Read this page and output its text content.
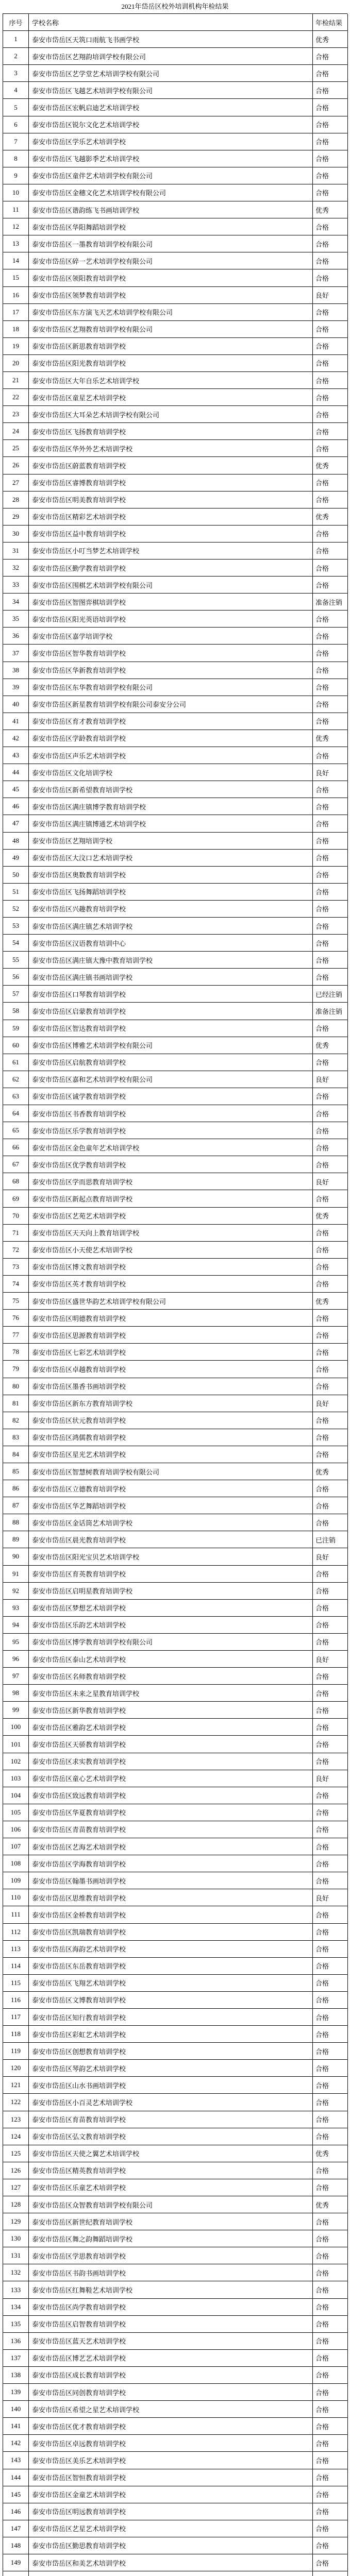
2021年岱岳区校外培训机构年检结果
序号	学校名称	年检结果
1	泰安市岱岳区天筑口雨航飞书画学校	优秀
2	泰安市岱岳区艺翔韵培训学校有限公司	合格
3	泰安市岱岳区艺学堂艺术培训学校有限公司	合格
4	泰安市岱岳区飞越艺术培训学校有限公司	合格
5	泰安市岱岳区宏帆启迪艺术培训学校	合格
6	泰安市岱岳区锐尔文化艺术培训学校	合格
7	泰安市岱岳区学乐艺术培训学校	合格
8	泰安市岱岳区飞越影季艺术培训学校	合格
9	泰安市岱岳区童伴艺术培训学校有限公司	合格
10	泰安市岱岳区金穗文化艺术培训学校有限公司	合格
11	泰安市岱岳区谐韵练飞书画培训学校	优秀
12	泰安市岱岳区华阳舞蹈培训学校	合格
13	泰安市岱岳区一墨教育培训学校有限公司	合格
14	泰安市岱岳区碎一艺术培训学校有限公司	合格
15	泰安市岱岳区领阳教育培训学校	合格
16	泰安市岱岳区领梦教育培训学校	良好
17	泰安市岱岳区东方演飞天艺术培训学校有限公司	合格
18	泰安市岱岳区艺翔教育培训学校有限公司	合格
19	泰安市岱岳区新思教育培训学校	合格
20	泰安市岱岳区阳光教育培训学校	合格
21	泰安市岱岳区大年自乐艺术培训学校	合格
22	泰安市岱岳区童星艺术培训学校	合格
23	泰安市岱岳区大耳朵艺术培训学校有限公司	合格
24	泰安市岱岳区飞扬教育培训学校	合格
25	泰安市岱岳区华外外艺术培训学校	合格
26	泰安市岱岳区蔚蓝教育培训学校	优秀
27	泰安市岱岳区睿博教育培训学校	合格
28	泰安市岱岳区明美教育培训学校	合格
29	泰安市岱岳区精彩艺术培训学校	优秀
30	泰安市岱岳区益中教育培训学校	合格
31	泰安市岱岳区小叮当梦艺术培训学校	合格
32	泰安市岱岳区勤学教育培训学校	合格
33	泰安市岱岳区围棋艺术培训学校有限公司	合格
34	泰安市岱岳区智图弈棋培训学校	准备注销
35	泰安市岱岳区阳光英语培训学校	合格
36	泰安市岱岳区嘉学培训学校	合格
37	泰安市岱岳区智华教育培训学校	合格
38	泰安市岱岳区华新教育培训学校	合格
39	泰安市岱岳区东华教育培训学校有限公司	合格
40	泰安市岱岳区新星教育培训学校有限公司泰安分公司	合格
41	泰安市岱岳区育才教育培训学校	合格
42	泰安市岱岳区学龄教育培训学校	优秀
43	泰安市岱岳区声乐艺术培训学校	合格
44	泰安市岱岳区文化培训学校	良好
45	泰安市岱岳区新希望教育培训学校	合格
46	泰安市岱岳区满庄镇博学教育培训学校	合格
47	泰安市岱岳区满庄镇博通艺术培训学校	合格
48	泰安市岱岳区艺翔培训学校	合格
49	泰安市岱岳区大汶口艺术培训学校	合格
50	泰安市岱岳区奥数教育培训学校	合格
51	泰安市岱岳区飞扬舞蹈培训学校	合格
52	泰安市岱岳区兴趣教育培训学校	合格
53	泰安市岱岳区满庄镇艺术培训学校	合格
54	泰安市岱岳区汉语教育培训中心	合格
55	泰安市岱岳区满庄镇大豫中教育培训学校	合格
56	泰安市岱岳区满庄镇书画培训学校	合格
57	泰安市岱岳区口琴教育培训学校	已经注销
58	泰安市岱岳区启蒙教育培训学校	准备注销
59	泰安市岱岳区智达教育培训学校	合格
60	泰安市岱岳区博雅艺术培训学校有限公司	优秀
61	泰安市岱岳区启航教育培训学校	合格
62	泰安市岱岳区嘉和艺术培训学校有限公司	良好
63	泰安市岱岳区诚学教育培训学校	合格
64	泰安市岱岳区书香教育培训学校	合格
65	泰安市岱岳区乐学教育培训学校	合格
66	泰安市岱岳区金色童年艺术培训学校	合格
67	泰安市岱岳区优学教育培训学校	合格
68	泰安市岱岳区学而思教育培训学校	良好
69	泰安市岱岳区新起点教育培训学校	合格
70	泰安市岱岳区艺苑艺术培训学校	优秀
71	泰安市岱岳区天天向上教育培训学校	合格
72	泰安市岱岳区小天使艺术培训学校	合格
73	泰安市岱岳区博文教育培训学校	合格
74	泰安市岱岳区英才教育培训学校	合格
75	泰安市岱岳区盛世华韵艺术培训学校有限公司	优秀
76	泰安市岱岳区明德教育培训学校	合格
77	泰安市岱岳区思源教育培训学校	合格
78	泰安市岱岳区七彩艺术培训学校	合格
79	泰安市岱岳区卓越教育培训学校	合格
80	泰安市岱岳区墨香书画培训学校	合格
81	泰安市岱岳区新东方教育培训学校	良好
82	泰安市岱岳区状元教育培训学校	合格
83	泰安市岱岳区鸿儒教育培训学校	合格
84	泰安市岱岳区星光艺术培训学校	合格
85	泰安市岱岳区智慧树教育培训学校有限公司	优秀
86	泰安市岱岳区立德教育培训学校	合格
87	泰安市岱岳区华艺舞蹈培训学校	合格
88	泰安市岱岳区金话筒艺术培训学校	合格
89	泰安市岱岳区晨光教育培训学校	已注销
90	泰安市岱岳区阳光宝贝艺术培训学校	良好
91	泰安市岱岳区育英教育培训学校	合格
92	泰安市岱岳区启明星教育培训学校	合格
93	泰安市岱岳区梦想艺术培训学校	合格
94	泰安市岱岳区乐韵艺术培训学校	合格
95	泰安市岱岳区博学教育培训学校有限公司	合格
96	泰安市岱岳区泰山艺术培训学校	良好
97	泰安市岱岳区名师教育培训学校	合格
98	泰安市岱岳区未来之星教育培训学校	合格
99	泰安市岱岳区新华教育培训学校	合格
100	泰安市岱岳区雅韵艺术培训学校	合格
101	泰安市岱岳区天骄教育培训学校	合格
102	泰安市岱岳区求实教育培训学校	合格
103	泰安市岱岳区童心艺术培训学校	良好
104	泰安市岱岳区致远教育培训学校	合格
105	泰安市岱岳区华夏教育培训学校	合格
106	泰安市岱岳区青苗教育培训学校	合格
107	泰安市岱岳区艺海艺术培训学校	合格
108	泰安市岱岳区学海教育培训学校	合格
109	泰安市岱岳区翰墨书画培训学校	合格
110	泰安市岱岳区思维教育培训学校	良好
111	泰安市岱岳区金桥教育培训学校	合格
112	泰安市岱岳区凯瑞教育培训学校	合格
113	泰安市岱岳区海韵艺术培训学校	合格
114	泰安市岱岳区东岳教育培训学校	合格
115	泰安市岱岳区飞翔艺术培训学校	合格
116	泰安市岱岳区文博教育培训学校	合格
117	泰安市岱岳区知行教育培训学校	合格
118	泰安市岱岳区彩虹艺术培训学校	合格
119	泰安市岱岳区创想教育培训学校	合格
120	泰安市岱岳区琴韵艺术培训学校	合格
121	泰安市岱岳区山水书画培训学校	合格
122	泰安市岱岳区小百灵艺术培训学校	合格
123	泰安市岱岳区育苗教育培训学校	合格
124	泰安市岱岳区弘文教育培训学校	合格
125	泰安市岱岳区天使之翼艺术培训学校	优秀
126	泰安市岱岳区精英教育培训学校	合格
127	泰安市岱岳区乐童艺术培训学校	合格
128	泰安市岱岳区众智教育培训学校有限公司	优秀
129	泰安市岱岳区新世纪教育培训学校	合格
130	泰安市岱岳区舞之韵舞蹈培训学校	合格
131	泰安市岱岳区学思教育培训学校	合格
132	泰安市岱岳区书韵书画培训学校	合格
133	泰安市岱岳区红舞鞋艺术培训学校	合格
134	泰安市岱岳区尚学教育培训学校	合格
135	泰安市岱岳区启智教育培训学校	合格
136	泰安市岱岳区蓝天艺术培训学校	合格
137	泰安市岱岳区博艺艺术培训学校	合格
138	泰安市岱岳区成长教育培训学校	合格
139	泰安市岱岳区同创教育培训学校	合格
140	泰安市岱岳区希望之星艺术培训学校	合格
141	泰安市岱岳区优才教育培训学校	合格
142	泰安市岱岳区卓远教育培训学校	合格
143	泰安市岱岳区美乐艺术培训学校	合格
144	泰安市岱岳区智恒教育培训学校	合格
145	泰安市岱岳区金童艺术培训学校	合格
146	泰安市岱岳区明远教育培训学校	合格
147	泰安市岱岳区艺星艺术培训学校	合格
148	泰安市岱岳区勤思教育培训学校	合格
149	泰安市岱岳区和美艺术培训学校	合格
